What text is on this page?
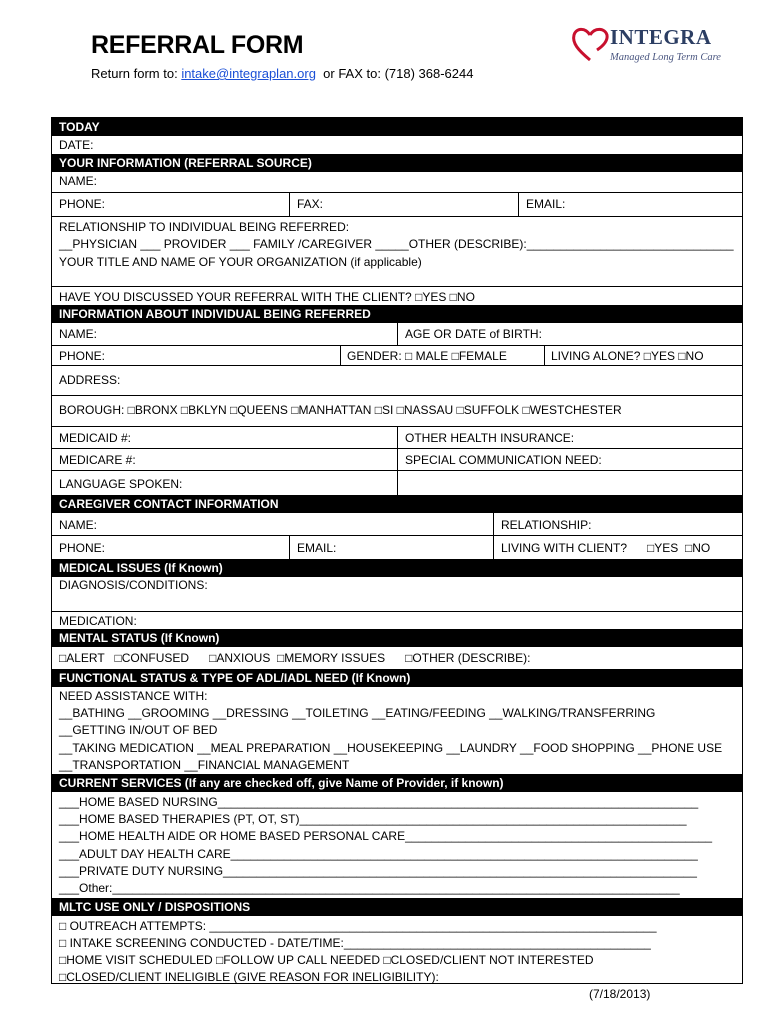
REFERRAL FORM
Return form to: intake@integraplan.org  or FAX to: (718) 368-6244
INTEGRA
Managed Long Term Care
TODAY
DATE:
YOUR INFORMATION (REFERRAL SOURCE)
NAME:
PHONE:	FAX:	EMAIL:
RELATIONSHIP TO INDIVIDUAL BEING REFERRED:
__PHYSICIAN ___ PROVIDER ___ FAMILY /CAREGIVER _____OTHER (DESCRIBE):_______________________________
YOUR TITLE AND NAME OF YOUR ORGANIZATION (if applicable)
HAVE YOU DISCUSSED YOUR REFERRAL WITH THE CLIENT? □YES □NO
INFORMATION ABOUT INDIVIDUAL BEING REFERRED
NAME:	AGE OR DATE of BIRTH:
PHONE:	GENDER: □ MALE □FEMALE	LIVING ALONE? □YES □NO
ADDRESS:
BOROUGH: □BRONX □BKLYN □QUEENS □MANHATTAN □SI □NASSAU □SUFFOLK □WESTCHESTER
MEDICAID #:	OTHER HEALTH INSURANCE:
MEDICARE #:	SPECIAL COMMUNICATION NEED:
LANGUAGE SPOKEN:
CAREGIVER CONTACT INFORMATION
NAME:	RELATIONSHIP:
PHONE:	EMAIL:	LIVING WITH CLIENT?      □YES  □NO
MEDICAL ISSUES (If Known)
DIAGNOSIS/CONDITIONS:
MEDICATION:
MENTAL STATUS (If Known)
□ALERT   □CONFUSED      □ANXIOUS  □MEMORY ISSUES      □OTHER (DESCRIBE):
FUNCTIONAL STATUS & TYPE OF ADL/IADL NEED (If Known)
NEED ASSISTANCE WITH:
__BATHING __GROOMING __DRESSING __TOILETING __EATING/FEEDING __WALKING/TRANSFERRING
__GETTING IN/OUT OF BED
__TAKING MEDICATION __MEAL PREPARATION __HOUSEKEEPING __LAUNDRY __FOOD SHOPPING __PHONE USE
__TRANSPORTATION __FINANCIAL MANAGEMENT
CURRENT SERVICES (If any are checked off, give Name of Provider, if known)
___HOME BASED NURSING________________________________________________________________________
___HOME BASED THERAPIES (PT, OT, ST)__________________________________________________________
___HOME HEALTH AIDE OR HOME BASED PERSONAL CARE______________________________________________
___ADULT DAY HEALTH CARE______________________________________________________________________
___PRIVATE DUTY NURSING_______________________________________________________________________
___Other:_____________________________________________________________________________________
MLTC USE ONLY / DISPOSITIONS
□ OUTREACH ATTEMPTS: ___________________________________________________________________
□ INTAKE SCREENING CONDUCTED - DATE/TIME:______________________________________________
□HOME VISIT SCHEDULED □FOLLOW UP CALL NEEDED □CLOSED/CLIENT NOT INTERESTED
□CLOSED/CLIENT INELIGIBLE (GIVE REASON FOR INELIGIBILITY):
(7/18/2013)
